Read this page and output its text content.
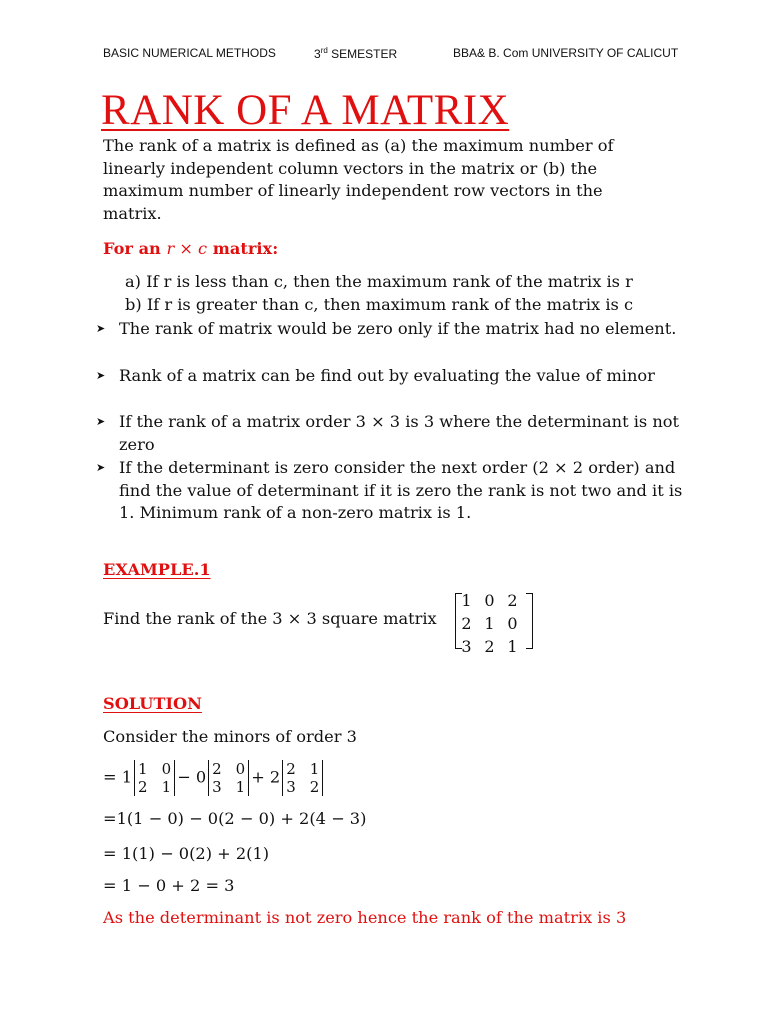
BASIC NUMERICAL METHODS	3rd SEMESTER	BBA& B. Com UNIVERSITY OF CALICUT
RANK OF A MATRIX
The rank of a matrix is defined as (a) the maximum number of linearly independent column vectors in the matrix or (b) the maximum number of linearly independent row vectors in the matrix.
For an r × c matrix:
a) If r is less than c, then the maximum rank of the matrix is r
b) If r is greater than c, then maximum rank of the matrix is c
➤ The rank of matrix would be zero only if the matrix had no element.
➤ Rank of a matrix can be find out by evaluating the value of minor
➤ If the rank of a matrix order 3 × 3 is 3 where the determinant is not zero
➤ If the determinant is zero consider the next order (2 × 2 order) and find the value of determinant if it is zero the rank is not two and it is 1. Minimum rank of a non-zero matrix is 1.
EXAMPLE.1
Find the rank of the 3 × 3 square matrix
1 0 2
2 1 0
3 2 1
SOLUTION
Consider the minors of order 3
= 1 1 0
2 1
− 0 2 0
3 1
+ 2 2 1
3 2
=1(1 − 0) − 0(2 − 0) + 2(4 − 3)
= 1(1) − 0(2) + 2(1)
= 1 − 0 + 2 = 3
As the determinant is not zero hence the rank of the matrix is 3
